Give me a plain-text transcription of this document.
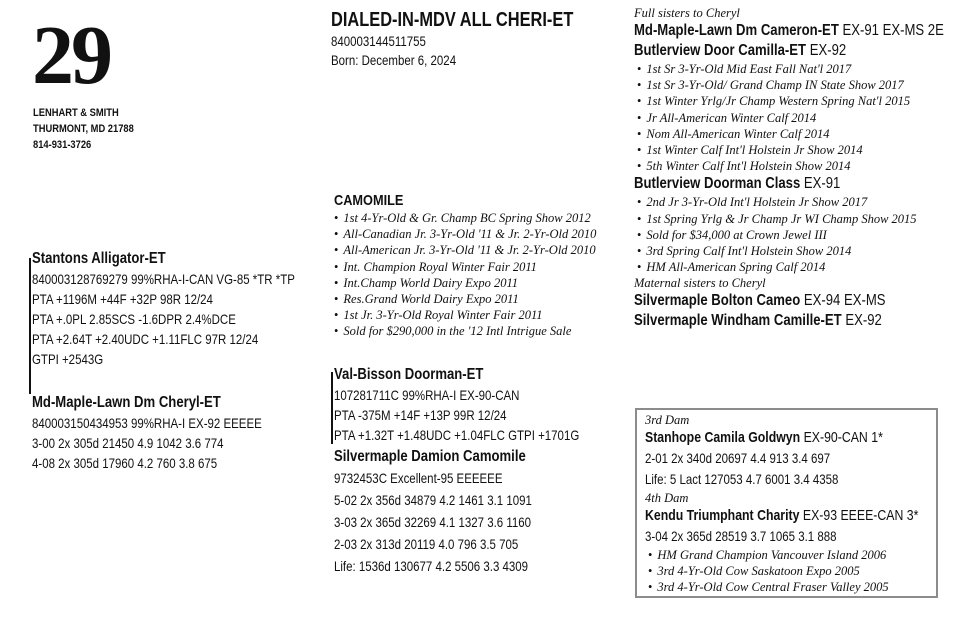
29
LENHART & SMITH
THURMONT, MD 21788
814-931-3726
DIALED-IN-MDV ALL CHERI-ET
840003144511755
Born: December 6, 2024
Stantons Alligator-ET
840003128769279 99%RHA-I-CAN VG-85 *TR *TP
PTA +1196M +44F +32P 98R 12/24
PTA +.0PL 2.85SCS -1.6DPR 2.4%DCE
PTA +2.64T +2.40UDC +1.11FLC 97R 12/24
GTPI +2543G
Md-Maple-Lawn Dm Cheryl-ET
840003150434953 99%RHA-I EX-92 EEEEE
3-00 2x 305d 21450 4.9 1042 3.6 774
4-08 2x 305d 17960 4.2 760 3.8 675
CAMOMILE
• 1st 4-Yr-Old & Gr. Champ BC Spring Show 2012
• All-Canadian Jr. 3-Yr-Old '11 & Jr. 2-Yr-Old 2010
• All-American Jr. 3-Yr-Old '11 & Jr. 2-Yr-Old 2010
• Int. Champion Royal Winter Fair 2011
• Int.Champ World Dairy Expo 2011
• Res.Grand World Dairy Expo 2011
• 1st Jr. 3-Yr-Old Royal Winter Fair 2011
• Sold for $290,000 in the '12 Intl Intrigue Sale
Val-Bisson Doorman-ET
107281711C 99%RHA-I EX-90-CAN
PTA -375M +14F +13P 99R 12/24
PTA +1.32T +1.48UDC +1.04FLC GTPI +1701G
Silvermaple Damion Camomile
9732453C Excellent-95 EEEEEE
5-02 2x 356d 34879 4.2 1461 3.1 1091
3-03 2x 365d 32269 4.1 1327 3.6 1160
2-03 2x 313d 20119 4.0 796 3.5 705
Life: 1536d 130677 4.2 5506 3.3 4309
Full sisters to Cheryl
Md-Maple-Lawn Dm Cameron-ET EX-91 EX-MS 2E
Butlerview Door Camilla-ET EX-92
• 1st Sr 3-Yr-Old Mid East Fall Nat'l 2017
• 1st Sr 3-Yr-Old/ Grand Champ IN State Show 2017
• 1st Winter Yrlg/Jr Champ Western Spring Nat'l 2015
• Jr All-American Winter Calf 2014
• Nom All-American Winter Calf 2014
• 1st Winter Calf Int'l Holstein Jr Show 2014
• 5th Winter Calf Int'l Holstein Show 2014
Butlerview Doorman Class EX-91
• 2nd Jr 3-Yr-Old Int'l Holstein Jr Show 2017
• 1st Spring Yrlg & Jr Champ Jr WI Champ Show 2015
• Sold for $34,000 at Crown Jewel III
• 3rd Spring Calf Int'l Holstein Show 2014
• HM All-American Spring Calf 2014
Maternal sisters to Cheryl
Silvermaple Bolton Cameo EX-94 EX-MS
Silvermaple Windham Camille-ET EX-92
3rd Dam
Stanhope Camila Goldwyn EX-90-CAN 1*
2-01 2x 340d 20697 4.4 913 3.4 697
Life: 5 Lact 127053 4.7 6001 3.4 4358
4th Dam
Kendu Triumphant Charity EX-93 EEEE-CAN 3*
3-04 2x 365d 28519 3.7 1065 3.1 888
• HM Grand Champion Vancouver Island 2006
• 3rd 4-Yr-Old Cow Saskatoon Expo 2005
• 3rd 4-Yr-Old Cow Central Fraser Valley 2005
